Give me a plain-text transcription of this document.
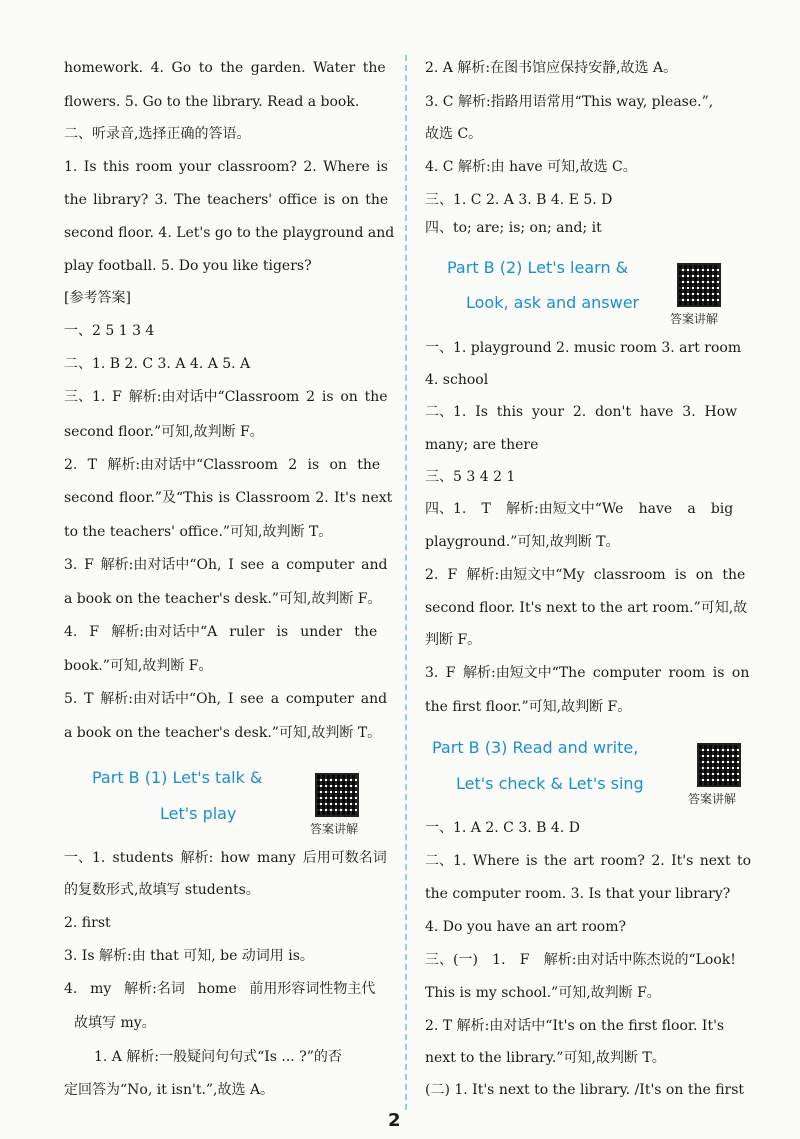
homework. 4. Go to the garden. Water the
flowers. 5. Go to the library. Read a book.
二、听录音,选择正确的答语。
1. Is this room your classroom? 2. Where is
the library? 3. The teachers' office is on the
second floor. 4. Let's go to the playground and
play football. 5. Do you like tigers?
[参考答案]
一、2 5 1 3 4
二、1. B 2. C 3. A 4. A 5. A
三、1. F 解析:由对话中“Classroom 2 is on the
second floor.”可知,故判断 F。
2. T 解析:由对话中“Classroom 2 is on the
second floor.”及“This is Classroom 2. It's next
to the teachers' office.”可知,故判断 T。
3. F 解析:由对话中“Oh, I see a computer and
a book on the teacher's desk.”可知,故判断 F。
4. F 解析:由对话中“A ruler is under the
book.”可知,故判断 F。
5. T 解析:由对话中“Oh, I see a computer and
a book on the teacher's desk.”可知,故判断 T。
一、1. students 解析: how many 后用可数名词
的复数形式,故填写 students。
2. first
3. Is 解析:由 that 可知, be 动词用 is。
4. my 解析:名词 home 前用形容词性物主代
故填写 my。
1. A 解析:一般疑问句句式“Is ... ?”的否
定回答为“No, it isn't.”,故选 A。
2. A 解析:在图书馆应保持安静,故选 A。
3. C 解析:指路用语常用“This way, please.”,
故选 C。
4. C 解析:由 have 可知,故选 C。
三、1. C 2. A 3. B 4. E 5. D
四、to; are; is; on; and; it
一、1. playground 2. music room 3. art room
4. school
二、1. Is this your 2. don't have 3. How
many; are there
三、5 3 4 2 1
四、1. T 解析:由短文中“We have a big
playground.”可知,故判断 T。
2. F 解析:由短文中“My classroom is on the
second floor. It's next to the art room.”可知,故
判断 F。
3. F 解析:由短文中“The computer room is on
the first floor.”可知,故判断 F。
一、1. A 2. C 3. B 4. D
二、1. Where is the art room? 2. It's next to
the computer room. 3. Is that your library?
4. Do you have an art room?
三、(一) 1. F 解析:由对话中陈杰说的“Look!
This is my school.”可知,故判断 F。
2. T 解析:由对话中“It's on the first floor. It's
next to the library.”可知,故判断 T。
(二) 1. It's next to the library. /It's on the first
Part B (1) Let's talk &
Let's play
答案讲解
Part B (2) Let's learn &
Look, ask and answer
答案讲解
Part B (3) Read and write,
Let's check & Let's sing
答案讲解
2
